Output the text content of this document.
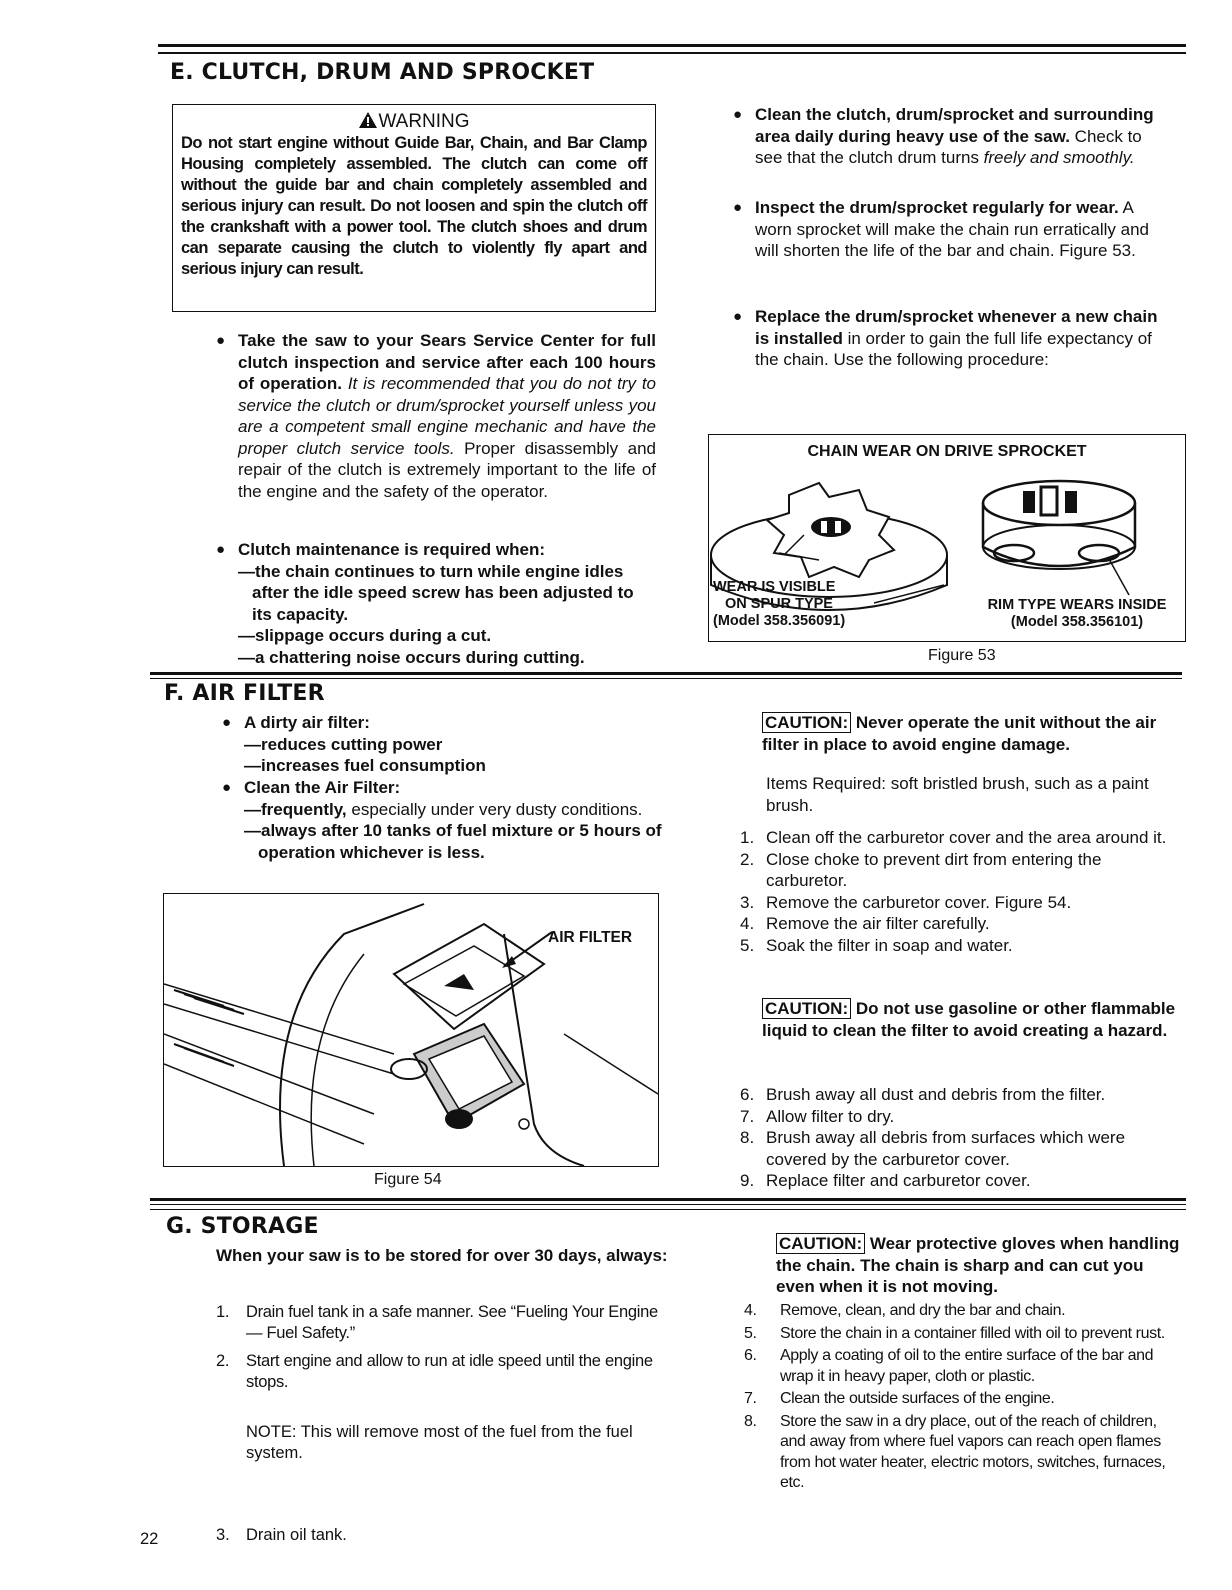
E. CLUTCH, DRUM AND SPROCKET
WARNING
Do not start engine without Guide Bar, Chain, and Bar Clamp Housing completely assembled. The clutch can come off without the guide bar and chain completely assembled and serious injury can result. Do not loosen and spin the clutch off the crankshaft with a power tool. The clutch shoes and drum can separate causing the clutch to violently fly apart and serious injury can result.
● Take the saw to your Sears Service Center for full clutch inspection and service after each 100 hours of operation. It is recommended that you do not try to service the clutch or drum/sprocket yourself unless you are a competent small engine mechanic and have the proper clutch service tools. Proper disassembly and repair of the clutch is extremely important to the life of the engine and the safety of the operator.
● Clutch maintenance is required when:
—the chain continues to turn while engine idles after the idle speed screw has been adjusted to its capacity.
—slippage occurs during a cut.
—a chattering noise occurs during cutting.
● Clean the clutch, drum/sprocket and surrounding area daily during heavy use of the saw. Check to see that the clutch drum turns freely and smoothly.
● Inspect the drum/sprocket regularly for wear. A worn sprocket will make the chain run erratically and will shorten the life of the bar and chain. Figure 53.
● Replace the drum/sprocket whenever a new chain is installed in order to gain the full life expectancy of the chain. Use the following procedure:
CHAIN WEAR ON DRIVE SPROCKET
WEAR IS VISIBLE
ON SPUR TYPE
(Model 358.356091)
RIM TYPE WEARS INSIDE
(Model 358.356101)
Figure 53
F. AIR FILTER
● A dirty air filter:
—reduces cutting power
—increases fuel consumption
● Clean the Air Filter:
—frequently, especially under very dusty conditions.
—always after 10 tanks of fuel mixture or 5 hours of operation whichever is less.
AIR FILTER
Figure 54
CAUTION: Never operate the unit without the air filter in place to avoid engine damage.
Items Required: soft bristled brush, such as a paint brush.
1. Clean off the carburetor cover and the area around it.
2. Close choke to prevent dirt from entering the carburetor.
3. Remove the carburetor cover. Figure 54.
4. Remove the air filter carefully.
5. Soak the filter in soap and water.
CAUTION: Do not use gasoline or other flammable liquid to clean the filter to avoid creating a hazard.
6. Brush away all dust and debris from the filter.
7. Allow filter to dry.
8. Brush away all debris from surfaces which were covered by the carburetor cover.
9. Replace filter and carburetor cover.
G. STORAGE
When your saw is to be stored for over 30 days, always:
1. Drain fuel tank in a safe manner. See “Fueling Your Engine — Fuel Safety.”
2. Start engine and allow to run at idle speed until the engine stops.
NOTE: This will remove most of the fuel from the fuel system.
22	3. Drain oil tank.
CAUTION: Wear protective gloves when handling the chain. The chain is sharp and can cut you even when it is not moving.
4. Remove, clean, and dry the bar and chain.
5. Store the chain in a container filled with oil to prevent rust.
6. Apply a coating of oil to the entire surface of the bar and wrap it in heavy paper, cloth or plastic.
7. Clean the outside surfaces of the engine.
8. Store the saw in a dry place, out of the reach of children, and away from where fuel vapors can reach open flames from hot water heater, electric motors, switches, furnaces, etc.
